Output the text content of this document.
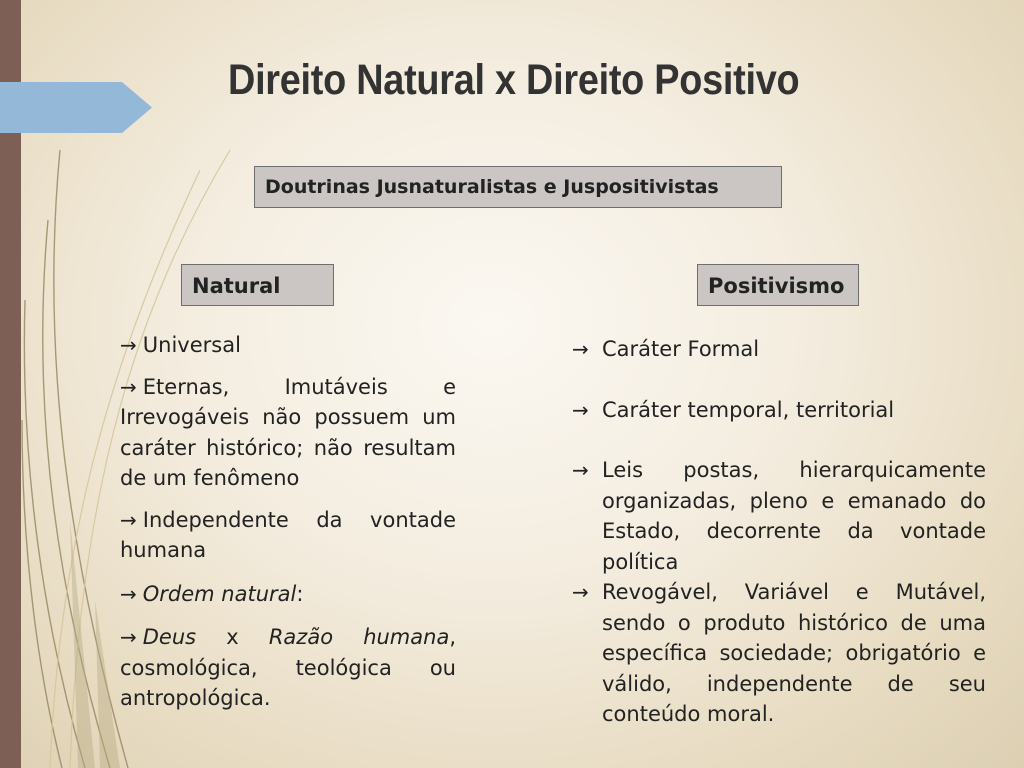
Direito Natural x Direito Positivo
Doutrinas Jusnaturalistas e Juspositivistas
Natural	Positivismo
→ Universal
→ Eternas, Imutáveis e Irrevogáveis não possuem um caráter histórico; não resultam de um fenômeno
→ Independente da vontade humana
→ Ordem natural:
→ Deus x Razão humana, cosmológica, teológica ou antropológica.
→ Caráter Formal
→ Caráter temporal, territorial
→ Leis postas, hierarquicamente organizadas, pleno e emanado do Estado, decorrente da vontade política
→ Revogável, Variável e Mutável, sendo o produto histórico de uma específica sociedade; obrigatório e válido, independente de seu conteúdo moral.
